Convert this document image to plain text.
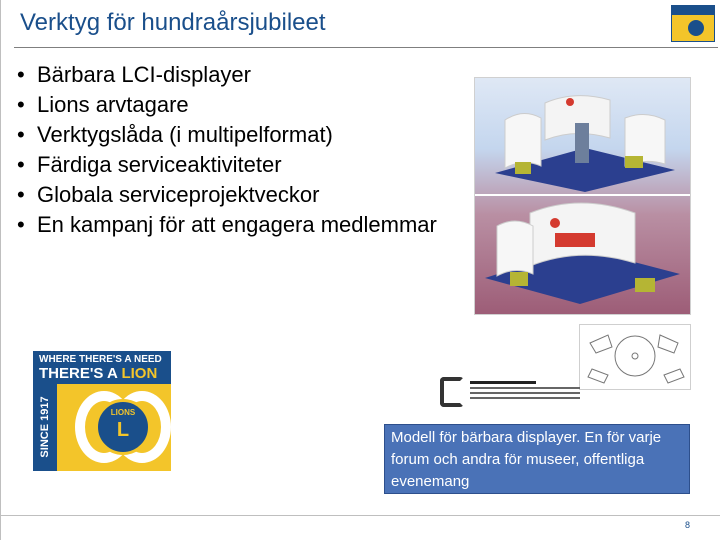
Verktyg för hundraårsjubileet
• Bärbara LCI-displayer
• Lions arvtagare
• Verktygslåda (i multipelformat)
• Färdiga serviceaktiviteter
• Globala serviceprojektveckor
• En kampanj för att engagera medlemmar
WHERE THERE'S A NEED
THERE'S A LION
SINCE 1917	LIONS
L	Modell för bärbara displayer. En för varje forum och andra för museer, offentliga evenemang
8
